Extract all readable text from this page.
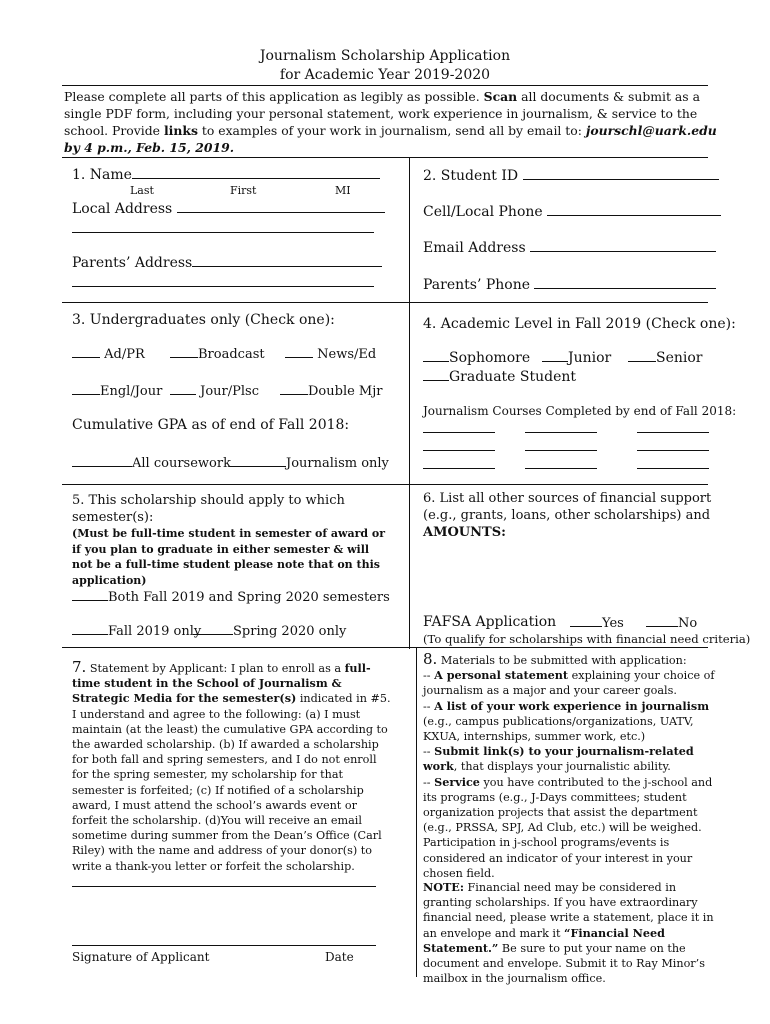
Journalism Scholarship Application
for Academic Year 2019-2020
Please complete all parts of this application as legibly as possible. Scan all documents & submit as a single PDF form, including your personal statement, work experience in journalism, & service to the school. Provide links to examples of your work in journalism, send all by email to: jourschl@uark.edu by 4 p.m., Feb. 15, 2019.
1. Name
Last	First	MI
Local Address
Parents’ Address
2. Student ID
Cell/Local Phone
Email Address
Parents’ Phone
3. Undergraduates only (Check one):
Ad/PR	Broadcast	News/Ed
Engl/Jour	Jour/Plsc	Double Mjr
Cumulative GPA as of end of Fall 2018:
All coursework	Journalism only
4. Academic Level in Fall 2019 (Check one):
Sophomore	Junior	Senior
Graduate Student
Journalism Courses Completed by end of Fall 2018:
5. This scholarship should apply to which semester(s):
(Must be full-time student in semester of award or if you plan to graduate in either semester & will not be a full-time student please note that on this application)
Both Fall 2019 and Spring 2020 semesters
Fall 2019 only	Spring 2020 only
6. List all other sources of financial support (e.g., grants, loans, other scholarships) and AMOUNTS:
FAFSA Application	Yes	No
(To qualify for scholarships with financial need criteria)
7. Statement by Applicant: I plan to enroll as a full-time student in the School of Journalism & Strategic Media for the semester(s) indicated in #5. I understand and agree to the following: (a) I must maintain (at the least) the cumulative GPA according to the awarded scholarship. (b) If awarded a scholarship for both fall and spring semesters, and I do not enroll for the spring semester, my scholarship for that semester is forfeited; (c) If notified of a scholarship award, I must attend the school’s awards event or forfeit the scholarship. (d)You will receive an email sometime during summer from the Dean’s Office (Carl Riley) with the name and address of your donor(s) to write a thank-you letter or forfeit the scholarship.
Signature of Applicant	Date
8. Materials to be submitted with application:
-- A personal statement explaining your choice of journalism as a major and your career goals.
-- A list of your work experience in journalism (e.g., campus publications/organizations, UATV, KXUA, internships, summer work, etc.)
-- Submit link(s) to your journalism-related work, that displays your journalistic ability.
-- Service you have contributed to the j-school and its programs (e.g., J-Days committees; student organization projects that assist the department (e.g., PRSSA, SPJ, Ad Club, etc.) will be weighed. Participation in j-school programs/events is considered an indicator of your interest in your chosen field.
NOTE: Financial need may be considered in granting scholarships. If you have extraordinary financial need, please write a statement, place it in an envelope and mark it “Financial Need Statement.” Be sure to put your name on the document and envelope. Submit it to Ray Minor’s mailbox in the journalism office.
